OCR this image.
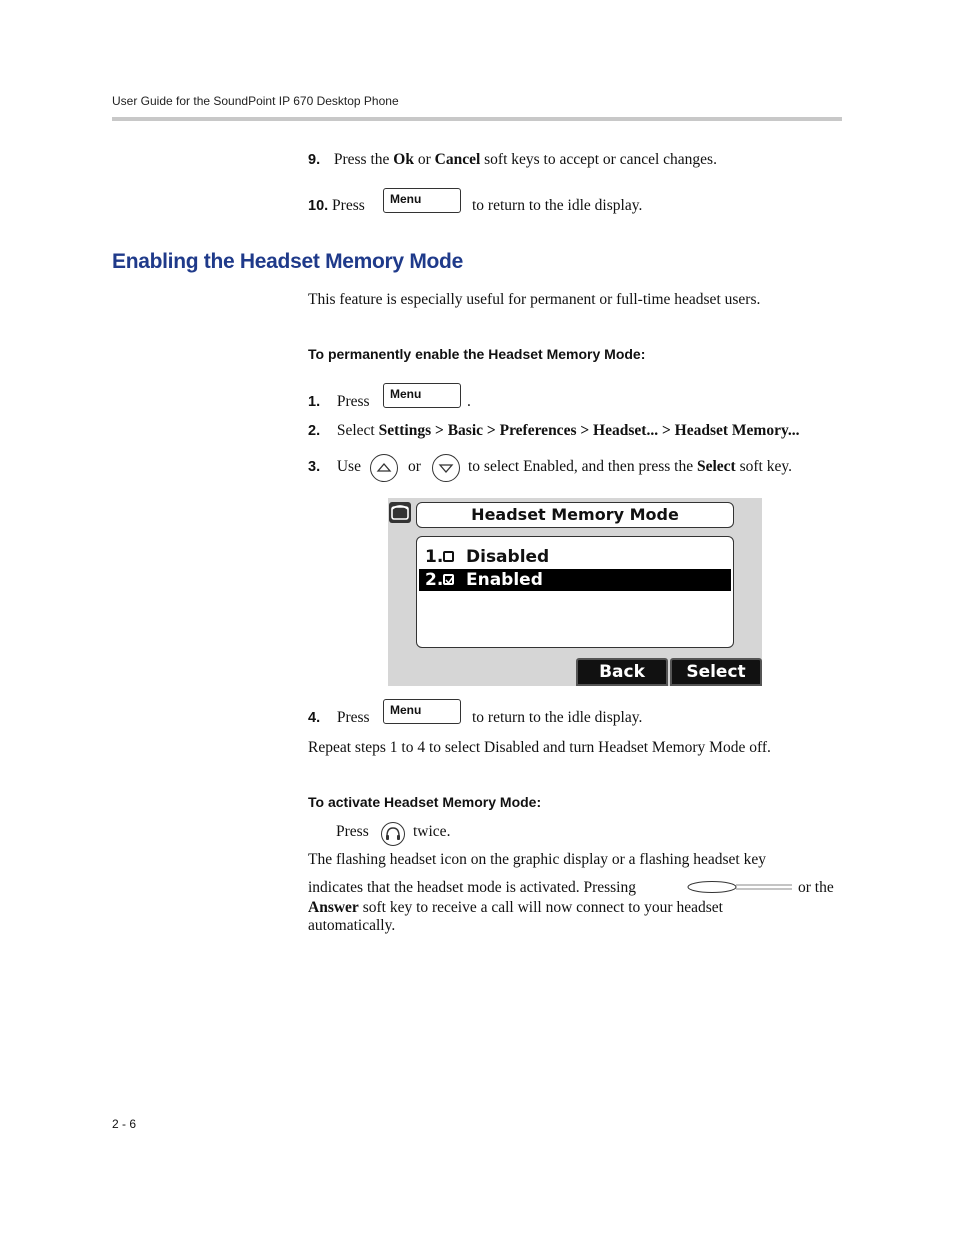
User Guide for the SoundPoint IP 670 Desktop Phone
9. Press the Ok or Cancel soft keys to accept or cancel changes.
10. Press	Menu	to return to the idle display.
Enabling the Headset Memory Mode
This feature is especially useful for permanent or full-time headset users.
To permanently enable the Headset Memory Mode:
1. Press	Menu	.
2. Select Settings > Basic > Preferences > Headset... > Headset Memory...
3. Use	or	to select Enabled, and then press the Select soft key.
Headset Memory Mode
1. Disabled
2. Enabled
Back	Select
4. Press	Menu	to return to the idle display.
Repeat steps 1 to 4 to select Disabled and turn Headset Memory Mode off.
To activate Headset Memory Mode:
Press	twice.
The flashing headset icon on the graphic display or a flashing headset key
indicates that the headset mode is activated. Pressing	or the
Answer soft key to receive a call will now connect to your headset
automatically.
2 - 6
